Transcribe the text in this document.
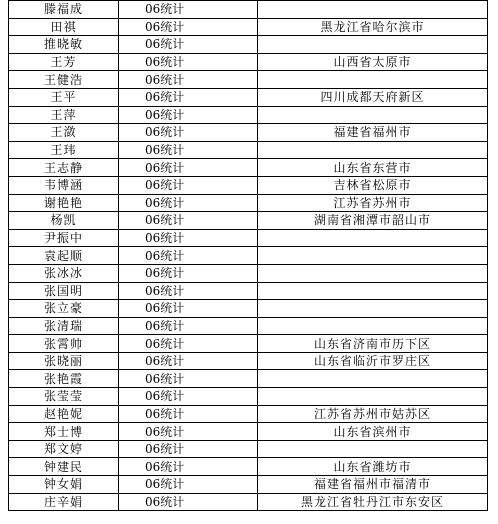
滕福成	06统计	
田祺	06统计	黑龙江省哈尔滨市
推晓敏	06统计	
王芳	06统计	山西省太原市
王健浩	06统计	
王平	06统计	四川成都天府新区
王萍	06统计	
王潋	06统计	福建省福州市
王玮	06统计	
王志静	06统计	山东省东营市
韦博涵	06统计	吉林省松原市
谢艳艳	06统计	江苏省苏州市
杨凯	06统计	湖南省湘潭市韶山市
尹振中	06统计	
袁起顺	06统计	
张冰冰	06统计	
张国明	06统计	
张立豪	06统计	
张清瑞	06统计	
张霄帅	06统计	山东省济南市历下区
张晓丽	06统计	山东省临沂市罗庄区
张艳霞	06统计	
张莹莹	06统计	
赵艳妮	06统计	江苏省苏州市姑苏区
郑士博	06统计	山东省滨州市
郑文婷	06统计	
钟建民	06统计	山东省潍坊市
钟女娟	06统计	福建省福州市福清市
庄辛娟	06统计	黑龙江省牡丹江市东安区
